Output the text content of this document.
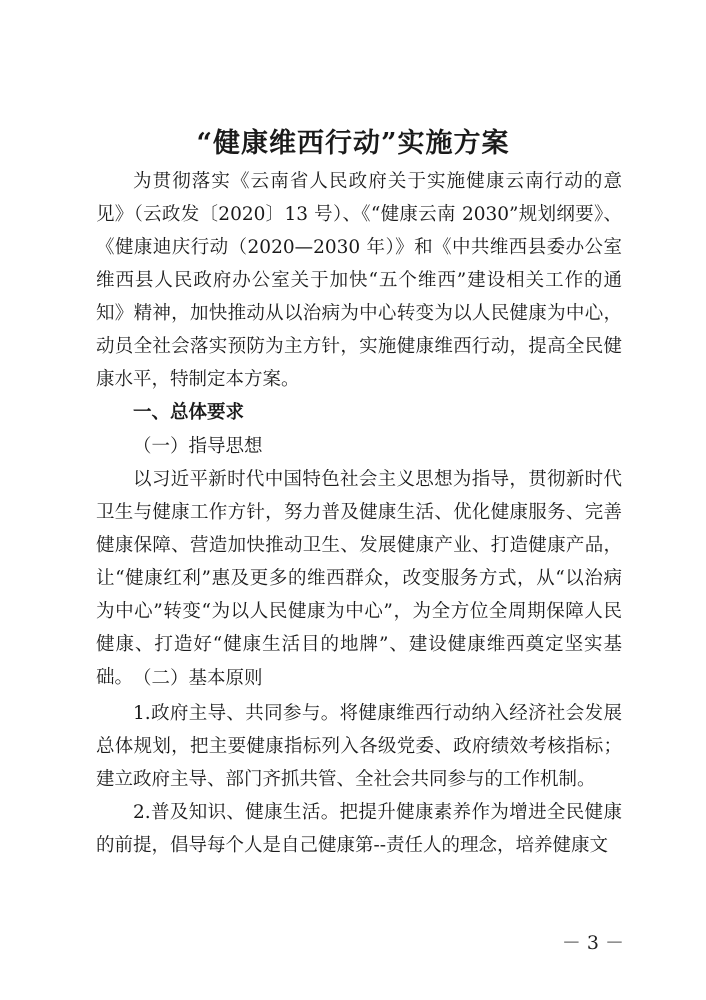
“健康维西行动”实施方案

为贯彻落实《云南省人民政府关于实施健康云南行动的意见》（云政发〔2020〕13 号）、《“健康云南 2030”规划纲要》、《健康迪庆行动（2020—2030 年）》和《中共维西县委办公室 维西县人民政府办公室关于加快“五个维西”建设相关工作的通知》精神，加快推动从以治病为中心转变为以人民健康为中心，动员全社会落实预防为主方针，实施健康维西行动，提高全民健康水平，特制定本方案。

一、总体要求
（一）指导思想

以习近平新时代中国特色社会主义思想为指导，贯彻新时代卫生与健康工作方针，努力普及健康生活、优化健康服务、完善健康保障、营造加快推动卫生、发展健康产业、打造健康产品，让“健康红利”惠及更多的维西群众，改变服务方式，从“以治病为中心”转变“为以人民健康为中心”，为全方位全周期保障人民健康、打造好“健康生活目的地牌”、建设健康维西奠定坚实基础。 （二）基本原则

1.政府主导、共同参与。将健康维西行动纳入经济社会发展总体规划，把主要健康指标列入各级党委、政府绩效考核指标；建立政府主导、部门齐抓共管、全社会共同参与的工作机制。

2.普及知识、健康生活。把提升健康素养作为增进全民健康的前提，倡导每个人是自己健康第--责任人的理念，培养健康文

－ 3 －
